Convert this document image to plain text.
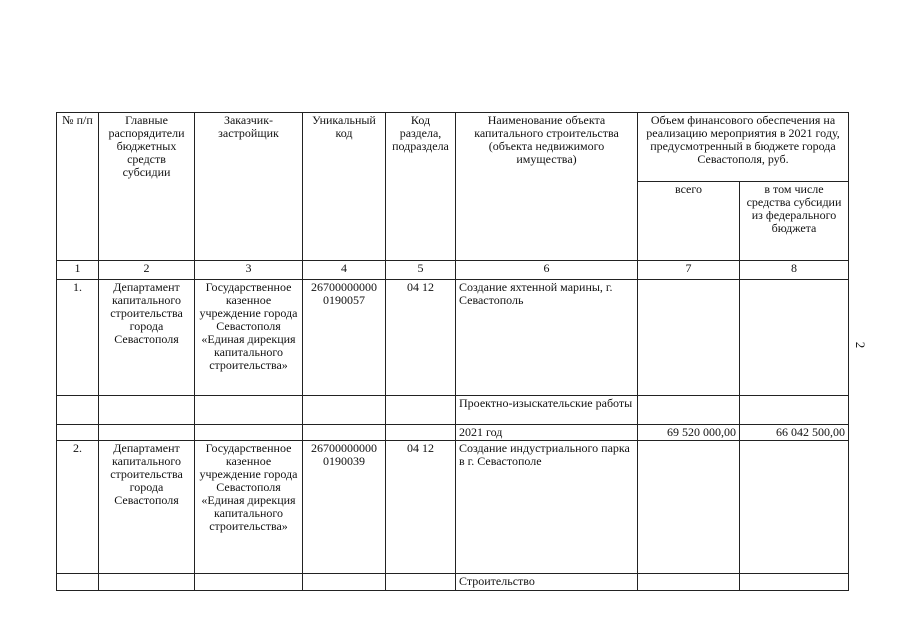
2
№ п/п	Главные распорядители бюджетных средств субсидии	Заказчик-застройщик	Уникальный код	Код раздела, подраздела	Наименование объекта капитального строительства (объекта недвижимого имущества)	Объем финансового обеспечения на реализацию мероприятия в 2021 году, предусмотренный в бюджете города Севастополя, руб.	
						всего	в том числе средства субсидии из федерального бюджета
1	2	3	4	5	6	7	8
1.	Департамент капитального строительства города Севастополя	Государственное казенное учреждение города Севастополя «Единая дирекция капитального строительства»	26700000000 0190057	04 12	Создание яхтенной марины, г. Севастополь		
					Проектно-изыскательские работы		
					2021 год	69 520 000,00	66 042 500,00
2.	Департамент капитального строительства города Севастополя	Государственное казенное учреждение города Севастополя «Единая дирекция капитального строительства»	26700000000 0190039	04 12	Создание индустриального парка в г. Севастополе		
					Строительство		
